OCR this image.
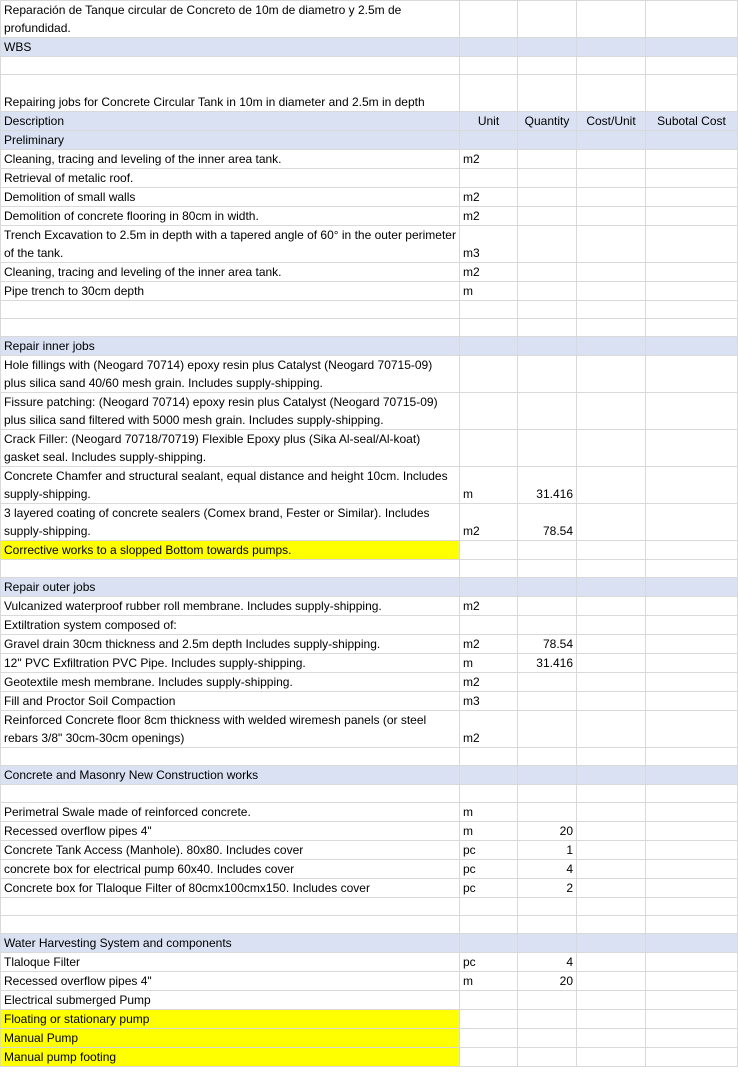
Reparación de Tanque circular de Concreto de 10m de diametro y 2.5m de profundidad.				
WBS				

Repairing jobs for Concrete Circular Tank in 10m in diameter and 2.5m in depth				
Description	Unit	Quantity	Cost/Unit	Subotal Cost
Preliminary				
Cleaning, tracing and leveling of the inner area tank.	m2			
Retrieval of metalic roof.				
Demolition of small walls	m2			
Demolition of concrete flooring in 80cm in width.	m2			
Trench Excavation to 2.5m in depth with a tapered angle of 60° in the outer perimeter of the tank.	m3			
Cleaning, tracing and leveling of the inner area tank.	m2			
Pipe trench to 30cm depth	m			

Repair inner jobs				
Hole fillings with (Neogard 70714) epoxy resin plus Catalyst (Neogard 70715-09) plus silica sand 40/60 mesh grain. Includes supply-shipping.				
Fissure patching: (Neogard 70714) epoxy resin plus Catalyst (Neogard 70715-09) plus silica sand filtered with 5000 mesh grain. Includes supply-shipping.				
Crack Filler: (Neogard 70718/70719) Flexible Epoxy plus (Sika Al-seal/Al-koat) gasket seal. Includes supply-shipping.				
Concrete Chamfer and structural sealant, equal distance and height 10cm. Includes supply-shipping.	m	31.416		
3 layered coating of concrete sealers (Comex brand, Fester or Similar). Includes supply-shipping.	m2	78.54		
Corrective works to a slopped Bottom towards pumps.				

Repair outer jobs				
Vulcanized waterproof rubber roll membrane. Includes supply-shipping.	m2			
Extiltration system composed of:				
Gravel drain 30cm thickness and 2.5m depth Includes supply-shipping.	m2	78.54		
12" PVC Exfiltration PVC Pipe. Includes supply-shipping.	m	31.416		
Geotextile mesh membrane. Includes supply-shipping.	m2			
Fill and Proctor Soil Compaction	m3			
Reinforced Concrete floor 8cm thickness with welded wiremesh panels (or steel rebars 3/8" 30cm-30cm openings)	m2			

Concrete and Masonry New Construction works				

Perimetral Swale made of reinforced concrete.	m			
Recessed overflow pipes 4"	m	20		
Concrete Tank Access (Manhole). 80x80. Includes cover	pc	1		
concrete box for electrical pump 60x40. Includes cover	pc	4		
Concrete box for Tlaloque Filter of 80cmx100cmx150. Includes cover	pc	2		

Water Harvesting System and components				
Tlaloque Filter	pc	4		
Recessed overflow pipes 4"	m	20		
Electrical submerged Pump				
Floating or stationary pump				
Manual Pump				
Manual pump footing				
